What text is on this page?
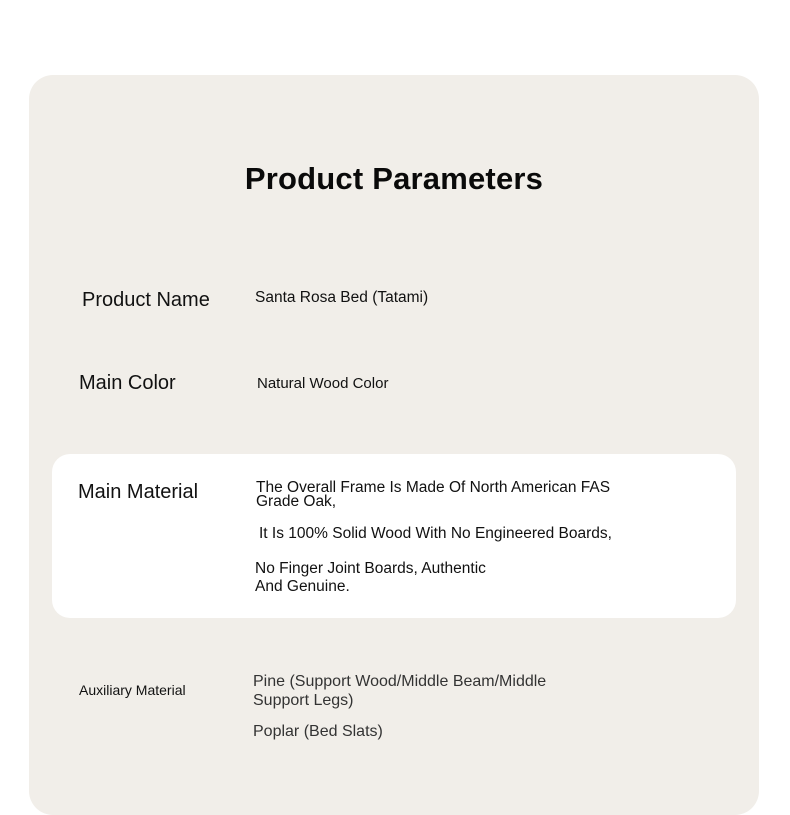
Product Parameters
Product Name	Santa Rosa Bed (Tatami)
Main Color	Natural Wood Color
Main Material	The Overall Frame Is Made Of North American FAS
Grade Oak,
It Is 100% Solid Wood With No Engineered Boards,
No Finger Joint Boards, Authentic
And Genuine.
Auxiliary Material	Pine (Support Wood/Middle Beam/Middle
Support Legs)
Poplar (Bed Slats)
